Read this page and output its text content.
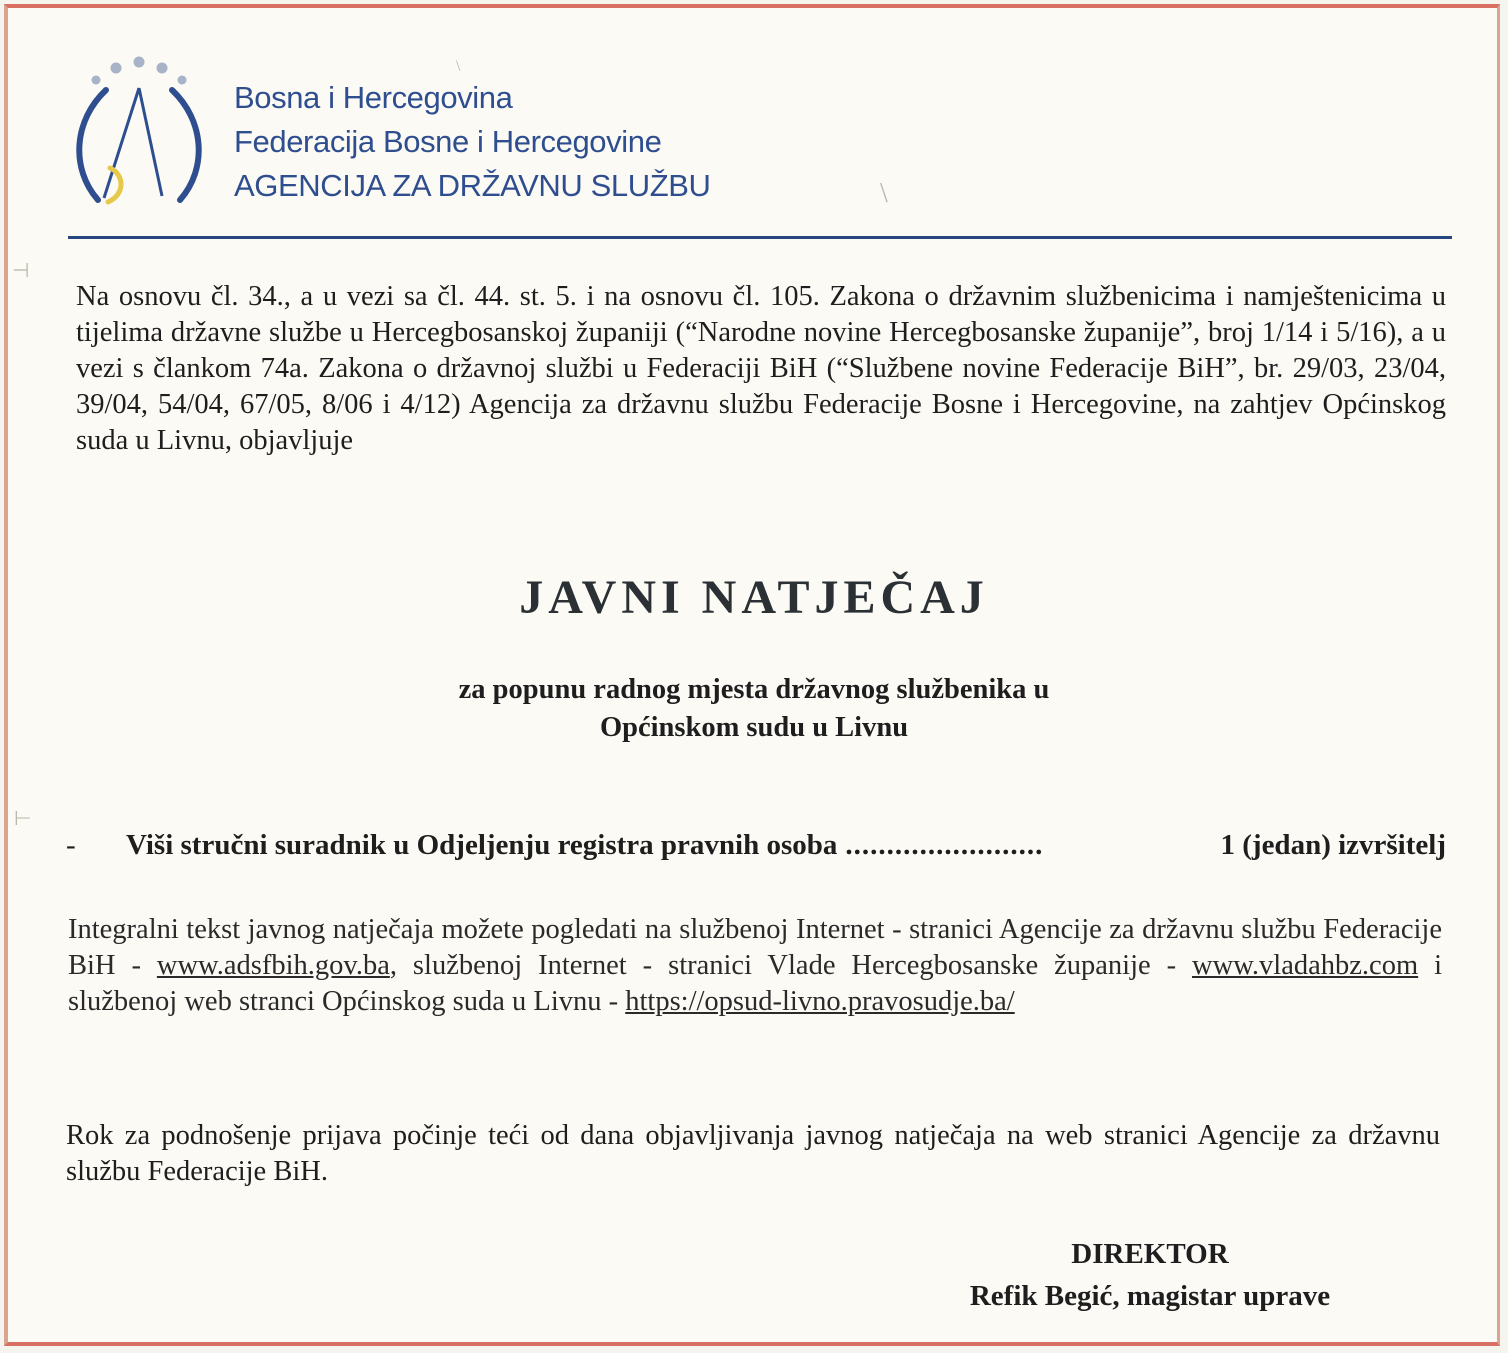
⊣
⊢
\
\
Bosna i Hercegovina
Federacija Bosne i Hercegovine
AGENCIJA ZA DRŽAVNU SLUŽBU

Na osnovu čl. 34., a u vezi sa čl. 44. st. 5. i na osnovu čl. 105. Zakona o državnim službenicima i namještenicima u tijelima državne službe u Hercegbosanskoj županiji (“Narodne novine Hercegbosanske županije”, broj 1/14 i 5/16), a u vezi s člankom 74a. Zakona o državnoj službi u Federaciji BiH (“Službene novine Federacije BiH”, br. 29/03, 23/04, 39/04, 54/04, 67/05, 8/06 i 4/12) Agencija za državnu službu Federacije Bosne i Hercegovine, na zahtjev Općinskog suda u Livnu, objavljuje

JAVNI NATJEČAJ
za popunu radnog mjesta državnog službenika u
Općinskom sudu u Livnu
-	Viši stručni suradnik u Odjeljenju registra pravnih osoba ........................	1 (jedan) izvršitelj

Integralni tekst javnog natječaja možete pogledati na službenoj Internet - stranici Agencije za državnu službu Federacije BiH - www.adsfbih.gov.ba, službenoj Internet - stranici Vlade Hercegbosanske županije - www.vladahbz.com i službenoj web stranci Općinskog suda u Livnu - https://opsud-livno.pravosudje.ba/

Rok za podnošenje prijava počinje teći od dana objavljivanja javnog natječaja na web stranici Agencije za državnu službu Federacije BiH.

DIREKTOR
Refik Begić, magistar uprave
